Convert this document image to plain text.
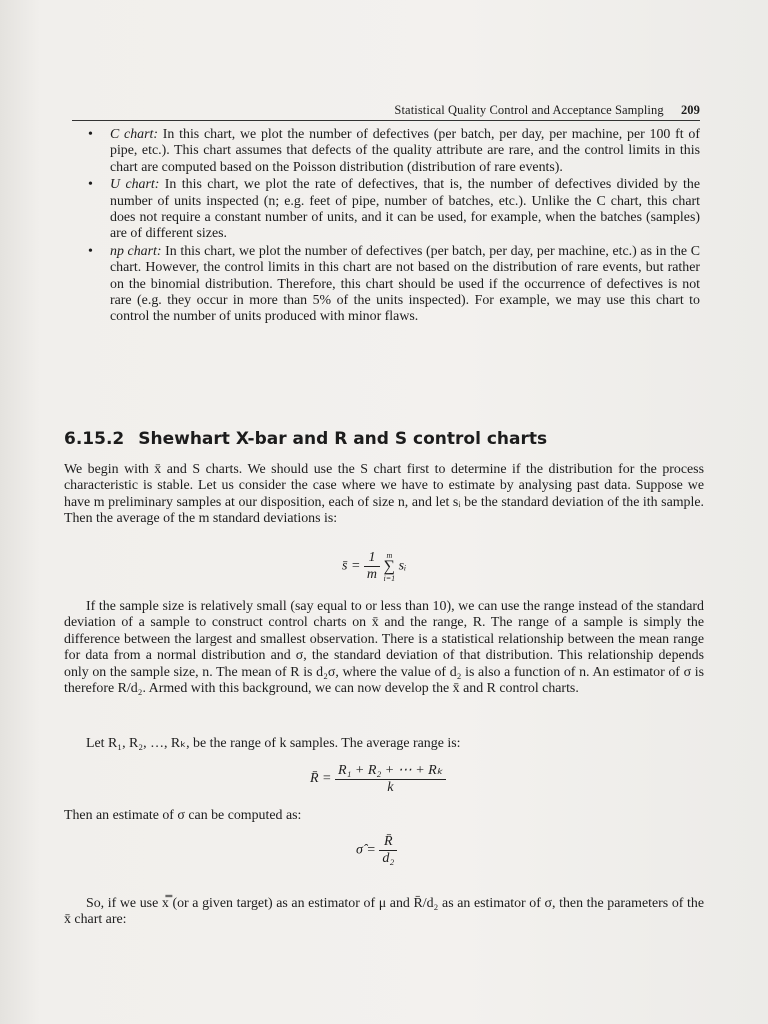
Statistical Quality Control and Acceptance Sampling 209
• C chart: In this chart, we plot the number of defectives (per batch, per day, per machine, per 100 ft of pipe, etc.). This chart assumes that defects of the quality attribute are rare, and the control limits in this chart are computed based on the Poisson distribution (distribution of rare events).
• U chart: In this chart, we plot the rate of defectives, that is, the number of defectives divided by the number of units inspected (n; e.g. feet of pipe, number of batches, etc.). Unlike the C chart, this chart does not require a constant number of units, and it can be used, for example, when the batches (samples) are of different sizes.
• np chart: In this chart, we plot the number of defectives (per batch, per day, per machine, etc.) as in the C chart. However, the control limits in this chart are not based on the distribution of rare events, but rather on the binomial distribution. Therefore, this chart should be used if the occurrence of defectives is not rare (e.g. they occur in more than 5% of the units inspected). For example, we may use this chart to control the number of units produced with minor flaws.
6.15.2 Shewhart X-bar and R and S control charts

We begin with x̄ and S charts. We should use the S chart first to determine if the distribution for the process characteristic is stable. Let us consider the case where we have to estimate by analysing past data. Suppose we have m preliminary samples at our disposition, each of size n, and let sᵢ be the standard deviation of the ith sample. Then the average of the m standard deviations is:

s̄ = $\frac{1}{m}$
m
∑
i=1
sᵢ

If the sample size is relatively small (say equal to or less than 10), we can use the range instead of the standard deviation of a sample to construct control charts on x̄ and the range, R. The range of a sample is simply the difference between the largest and smallest observation. There is a statistical relationship between the mean range for data from a normal distribution and σ, the standard deviation of that distribution. This relationship depends only on the sample size, n. The mean of R is d₂σ, where the value of d₂ is also a function of n. An estimator of σ is therefore R/d₂. Armed with this background, we can now develop the x̄ and R control charts.

Let R₁, R₂, …, Rₖ, be the range of k samples. The average range is:

R̄ = $\frac{\text{R₁ + R₂ + ⋯ + Rₖ}}{k}$

Then an estimate of σ can be computed as:

σ̂ = $\frac{R̄}{\text{d₂}}$

So, if we use x̿ (or a given target) as an estimator of μ and R̄/d₂ as an estimator of σ, then the parameters of the x̄ chart are:
